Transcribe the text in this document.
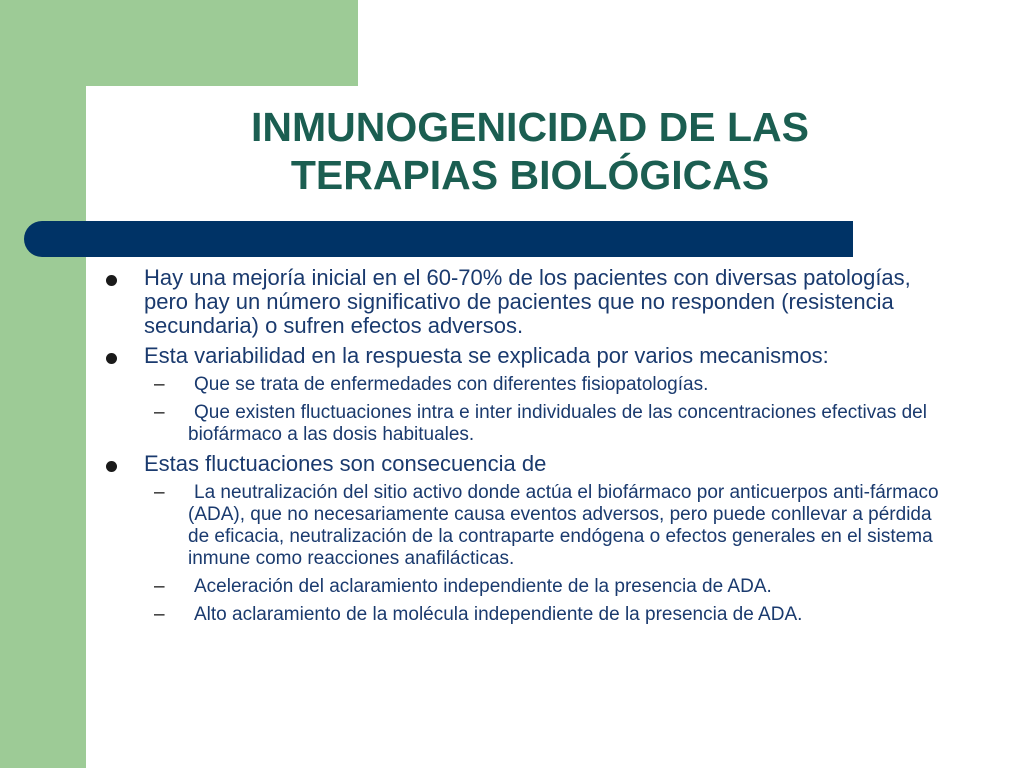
INMUNOGENICIDAD DE LAS
TERAPIAS BIOLÓGICAS
Hay una mejoría inicial en el 60-70% de los pacientes con diversas patologías, pero hay un número significativo de pacientes que no responden (resistencia secundaria) o sufren efectos adversos.
Esta variabilidad en la respuesta se explicada por varios mecanismos:
– Que se trata de enfermedades con diferentes fisiopatologías.
– Que existen fluctuaciones intra e inter individuales de las concentraciones efectivas del biofármaco a las dosis habituales.
Estas fluctuaciones son consecuencia de
– La neutralización del sitio activo donde actúa el biofármaco por anticuerpos anti-fármaco (ADA), que no necesariamente causa eventos adversos, pero puede conllevar a pérdida de eficacia, neutralización de la contraparte endógena o efectos generales en el sistema inmune como reacciones anafilácticas.
– Aceleración del aclaramiento independiente de la presencia de ADA.
– Alto aclaramiento de la molécula independiente de la presencia de ADA.
